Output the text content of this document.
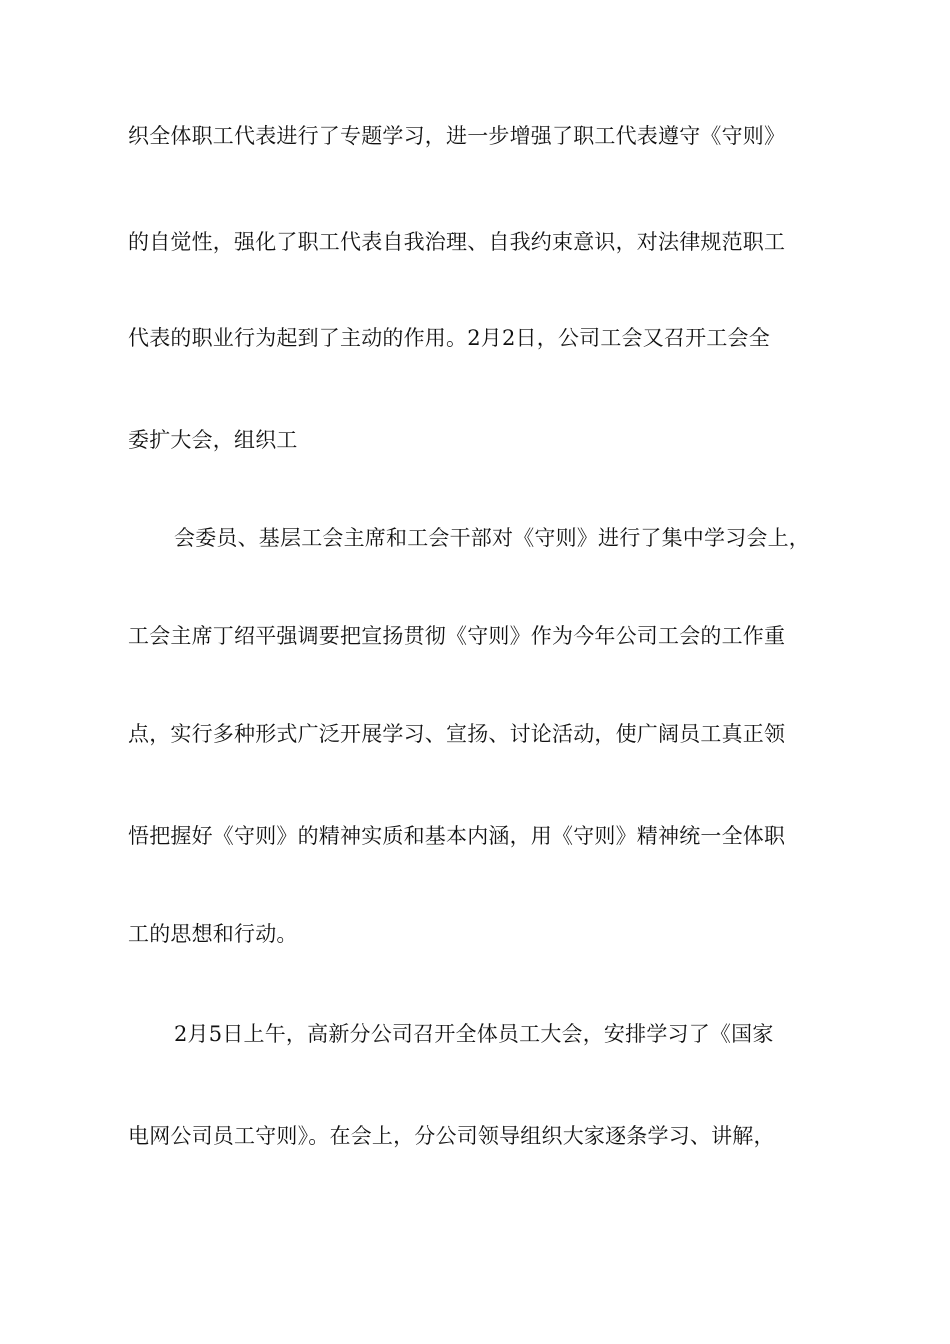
织全体职工代表进行了专题学习，进一步增强了职工代表遵守《守则》
的自觉性，强化了职工代表自我治理、自我约束意识，对法律规范职工
代表的职业行为起到了主动的作用。2月2日，公司工会又召开工会全
委扩大会，组织工
会委员、基层工会主席和工会干部对《守则》进行了集中学习会上，
工会主席丁绍平强调要把宣扬贯彻《守则》作为今年公司工会的工作重
点，实行多种形式广泛开展学习、宣扬、讨论活动，使广阔员工真正领
悟把握好《守则》的精神实质和基本内涵，用《守则》精神统一全体职
工的思想和行动。
2月5日上午，高新分公司召开全体员工大会，安排学习了《国家
电网公司员工守则》。在会上，分公司领导组织大家逐条学习、讲解，
